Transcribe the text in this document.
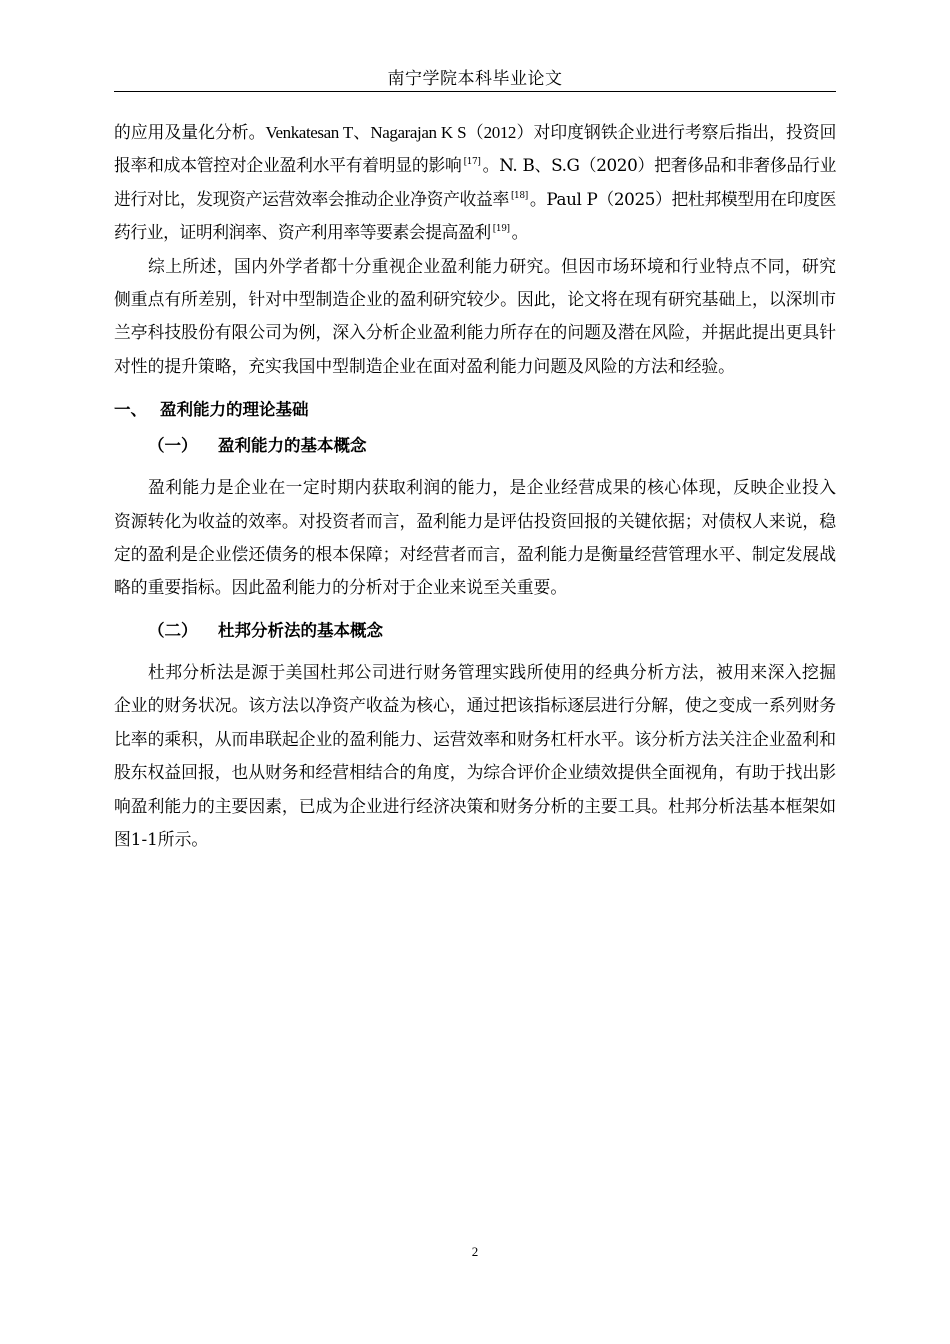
南宁学院本科毕业论文

的应用及量化分析。Venkatesan T、Nagarajan K S（2012）对印度钢铁企业进行考察后指出，投资回报率和成本管控对企业盈利水平有着明显的影响 [17] 。N. B、S.G（2020）把奢侈品和非奢侈品行业进行对比，发现资产运营效率会推动企业净资产收益率 [18] 。Paul P（2025）把杜邦模型用在印度医药行业，证明利润率、资产利用率等要素会提高盈利 [19] 。

综上所述，国内外学者都十分重视企业盈利能力研究。但因市场环境和行业特点不同，研究侧重点有所差别，针对中型制造企业的盈利研究较少。因此，论文将在现有研究基础上，以深圳市兰亭科技股份有限公司为例，深入分析企业盈利能力所存在的问题及潜在风险，并据此提出更具针对性的提升策略，充实我国中型制造企业在面对盈利能力问题及风险的方法和经验。

一、 盈利能力的理论基础
（一） 盈利能力的基本概念

盈利能力是企业在一定时期内获取利润的能力，是企业经营成果的核心体现，反映企业投入资源转化为收益的效率。对投资者而言，盈利能力是评估投资回报的关键依据；对债权人来说，稳定的盈利是企业偿还债务的根本保障；对经营者而言，盈利能力是衡量经营管理水平、制定发展战略的重要指标。因此盈利能力的分析对于企业来说至关重要。

（二） 杜邦分析法的基本概念

杜邦分析法是源于美国杜邦公司进行财务管理实践所使用的经典分析方法，被用来深入挖掘企业的财务状况。该方法以净资产收益为核心，通过把该指标逐层进行分解，使之变成一系列财务比率的乘积，从而串联起企业的盈利能力、运营效率和财务杠杆水平。该分析方法关注企业盈利和股东权益回报，也从财务和经营相结合的角度，为综合评价企业绩效提供全面视角，有助于找出影响盈利能力的主要因素，已成为企业进行经济决策和财务分析的主要工具。杜邦分析法基本框架如图1-1所示。

2
